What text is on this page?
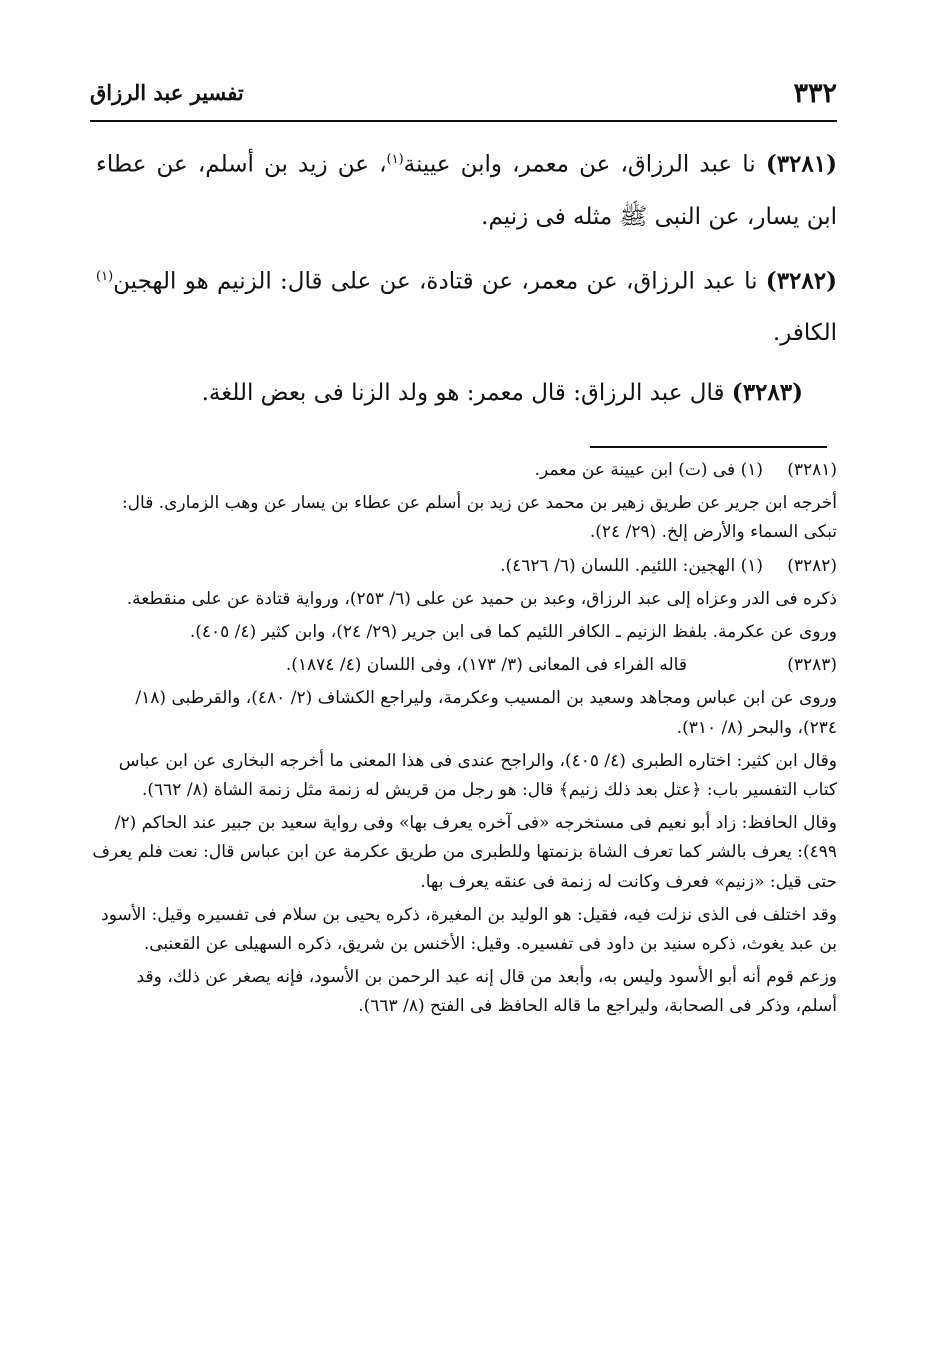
٣٣٢
تفسير عبد الرزاق

(٣٢٨١) نا عبد الرزاق، عن معمر، وابن عيينة$^{(١)}$، عن زيد بن أسلم، عن عطاء ابن يسار، عن النبى ﷺ مثله فى زنيم.

(٣٢٨٢) نا عبد الرزاق، عن معمر، عن قتادة، عن على قال: الزنيم هو الهجين$^{(١)}$ الكافر.

(٣٢٨٣) قال عبد الرزاق: قال معمر: هو ولد الزنا فى بعض اللغة.

(٣٢٨١)

(١) فى (ت) ابن عيينة عن معمر.

أخرجه ابن جرير عن طريق زهير بن محمد عن زيد بن أسلم عن عطاء بن يسار عن وهب الزمارى. قال: تبكى السماء والأرض إلخ. (٢٩/ ٢٤).

(٣٢٨٢)

(١) الهجين: اللئيم. اللسان (٦/ ٤٦٢٦).

ذكره فى الدر وعزاه إلى عبد الرزاق، وعبد بن حميد عن على (٦/ ٢٥٣)، ورواية قتادة عن على منقطعة.

وروى عن عكرمة. بلفظ الزنيم ـ الكافر اللئيم كما فى ابن جرير (٢٩/ ٢٤)، وابن كثير (٤/ ٤٠٥).

(٣٢٨٣)

قاله الفراء فى المعانى (٣/ ١٧٣)، وفى اللسان (٤/ ١٨٧٤).

وروى عن ابن عباس ومجاهد وسعيد بن المسيب وعكرمة، وليراجع الكشاف (٢/ ٤٨٠)، والقرطبى (١٨/ ٢٣٤)، والبحر (٨/ ٣١٠).

وقال ابن كثير: اختاره الطبرى (٤/ ٤٠٥)، والراجح عندى فى هذا المعنى ما أخرجه البخارى عن ابن عباس كتاب التفسير باب: ﴿عتل بعد ذلك زنيم﴾ قال: هو رجل من قريش له زنمة مثل زنمة الشاة (٨/ ٦٦٢).

وقال الحافظ: زاد أبو نعيم فى مستخرجه «فى آخره يعرف بها» وفى رواية سعيد بن جبير عند الحاكم (٢/ ٤٩٩): يعرف بالشر كما تعرف الشاة بزنمتها وللطبرى من طريق عكرمة عن ابن عباس قال: نعت فلم يعرف حتى قيل: «زنيم» فعرف وكانت له زنمة فى عنقه يعرف بها.

وقد اختلف فى الذى نزلت فيه، فقيل: هو الوليد بن المغيرة، ذكره يحيى بن سلام فى تفسيره وقيل: الأسود بن عبد يغوث، ذكره سنيد بن داود فى تفسيره. وقيل: الأخنس بن شريق، ذكره السهيلى عن القعنبى.

وزعم قوم أنه أبو الأسود وليس به، وأبعد من قال إنه عبد الرحمن بن الأسود، فإنه يصغر عن ذلك، وقد أسلم، وذكر فى الصحابة، وليراجع ما قاله الحافظ فى الفتح (٨/ ٦٦٣).
